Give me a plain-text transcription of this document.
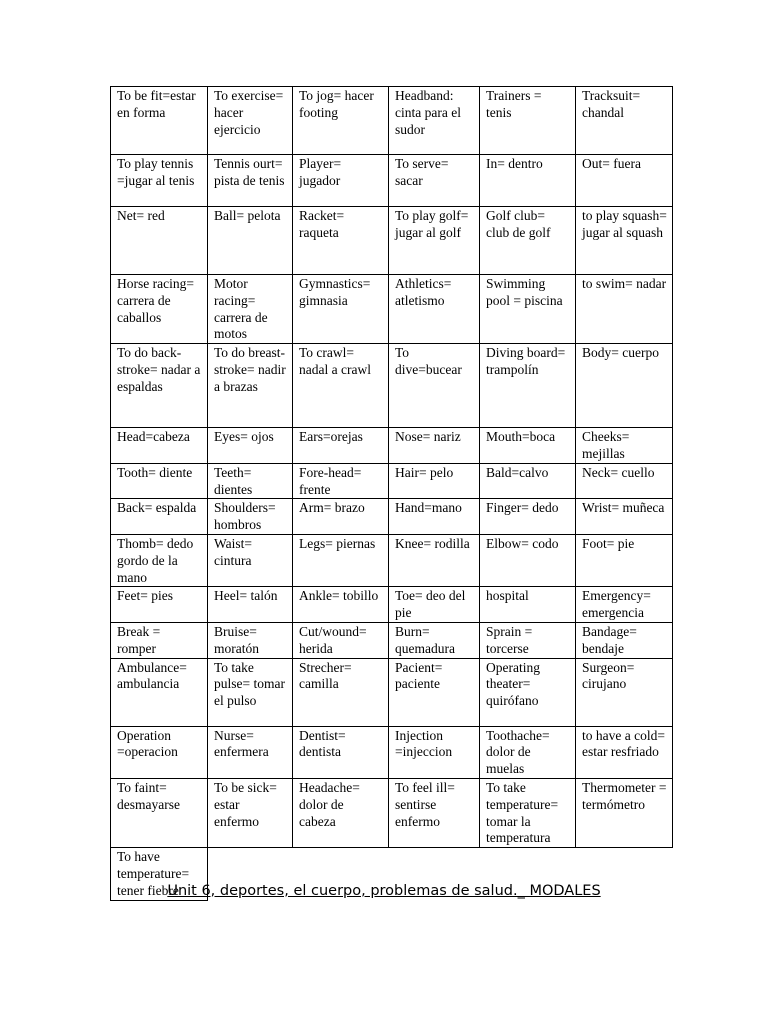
To be fit=estar en forma	To exercise= hacer ejercicio	To jog= hacer footing	Headband: cinta para el sudor	Trainers = tenis	Tracksuit= chandal
To play tennis =jugar al tenis	Tennis ourt= pista de tenis	Player= jugador	To serve= sacar	In= dentro	Out= fuera
Net= red	Ball= pelota	Racket= raqueta	To play golf= jugar al golf	Golf club= club de golf	to play squash= jugar al squash
Horse racing= carrera de caballos	Motor racing= carrera de motos	Gymnastics= gimnasia	Athletics= atletismo	Swimming pool = piscina	to swim= nadar
To do back-stroke= nadar a espaldas	To do breast-stroke= nadir a brazas	To crawl= nadal a crawl	To dive=bucear	Diving board= trampolín	Body= cuerpo
Head=cabeza	Eyes= ojos	Ears=orejas	Nose= nariz	Mouth=boca	Cheeks= mejillas
Tooth= diente	Teeth= dientes	Fore-head= frente	Hair= pelo	Bald=calvo	Neck= cuello
Back= espalda	Shoulders= hombros	Arm= brazo	Hand=mano	Finger= dedo	Wrist= muñeca
Thomb= dedo gordo de la mano	Waist= cintura	Legs= piernas	Knee= rodilla	Elbow= codo	Foot= pie
Feet= pies	Heel= talón	Ankle= tobillo	Toe= deo del pie	hospital	Emergency= emergencia
Break = romper	Bruise= moratón	Cut/wound= herida	Burn= quemadura	Sprain = torcerse	Bandage= bendaje
Ambulance= ambulancia	To take pulse= tomar el pulso	Strecher= camilla	Pacient= paciente	Operating theater= quirófano	Surgeon= cirujano
Operation =operacion	Nurse= enfermera	Dentist= dentista	Injection =injeccion	Toothache= dolor de muelas	to have a cold= estar resfriado
To faint= desmayarse	To be sick= estar enfermo	Headache= dolor de cabeza	To feel ill= sentirse enfermo	To take temperature= tomar la temperatura	Thermometer = termómetro
To have temperature= tener fiebre					
Unit 6, deportes, el cuerpo, problemas de salud._ MODALES
